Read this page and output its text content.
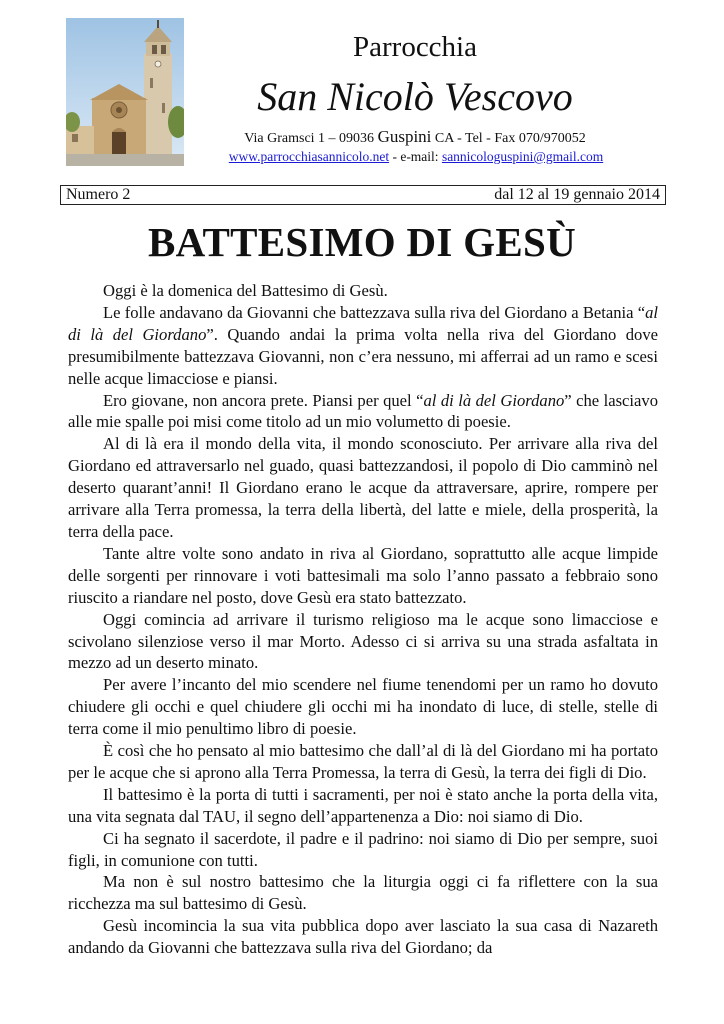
Parrocchia
San Nicolò Vescovo
Via Gramsci 1 – 09036 Guspini CA - Tel - Fax 070/970052
www.parrocchiasannicolo.net - e-mail: sannicologuspini@gmail.com
Numero 2	dal 12 al 19 gennaio 2014
BATTESIMO DI GESÙ

Oggi è la domenica del Battesimo di Gesù.

Le folle andavano da Giovanni che battezzava sulla riva del Giordano a Betania “al di là del Giordano”. Quando andai la prima volta nella riva del Giordano dove presumibilmente battezzava Giovanni, non c’era nessuno, mi afferrai ad un ramo e scesi nelle acque limacciose e piansi.

Ero giovane, non ancora prete. Piansi per quel “al di là del Giordano” che lasciavo alle mie spalle poi misi come titolo ad un mio volumetto di poesie.

Al di là era il mondo della vita, il mondo sconosciuto. Per arrivare alla riva del Giordano ed attraversarlo nel guado, quasi battezzandosi, il popolo di Dio camminò nel deserto quarant’anni! Il Giordano erano le acque da attraversare, aprire, rompere per arrivare alla Terra promessa, la terra della libertà, del latte e miele, della prosperità, la terra della pace.

Tante altre volte sono andato in riva al Giordano, soprattutto alle acque limpide delle sorgenti per rinnovare i voti battesimali ma solo l’anno passato a febbraio sono riuscito a riandare nel posto, dove Gesù era stato battezzato.

Oggi comincia ad arrivare il turismo religioso ma le acque sono limacciose e scivolano silenziose verso il mar Morto. Adesso ci si arriva su una strada asfaltata in mezzo ad un deserto minato.

Per avere l’incanto del mio scendere nel fiume tenendomi per un ramo ho dovuto chiudere gli occhi e quel chiudere gli occhi mi ha inondato di luce, di stelle, stelle di terra come il mio penultimo libro di poesie.

È così che ho pensato al mio battesimo che dall’al di là del Giordano mi ha portato per le acque che si aprono alla Terra Promessa, la terra di Gesù, la terra dei figli di Dio.

Il battesimo è la porta di tutti i sacramenti, per noi è stato anche la porta della vita, una vita segnata dal TAU, il segno dell’appartenenza a Dio: noi siamo di Dio.

Ci ha segnato il sacerdote, il padre e il padrino: noi siamo di Dio per sempre, suoi figli, in comunione con tutti.

Ma non è sul nostro battesimo che la liturgia oggi ci fa riflettere con la sua ricchezza ma sul battesimo di Gesù.

Gesù incomincia la sua vita pubblica dopo aver lasciato la sua casa di Nazareth andando da Giovanni che battezzava sulla riva del Giordano; da
